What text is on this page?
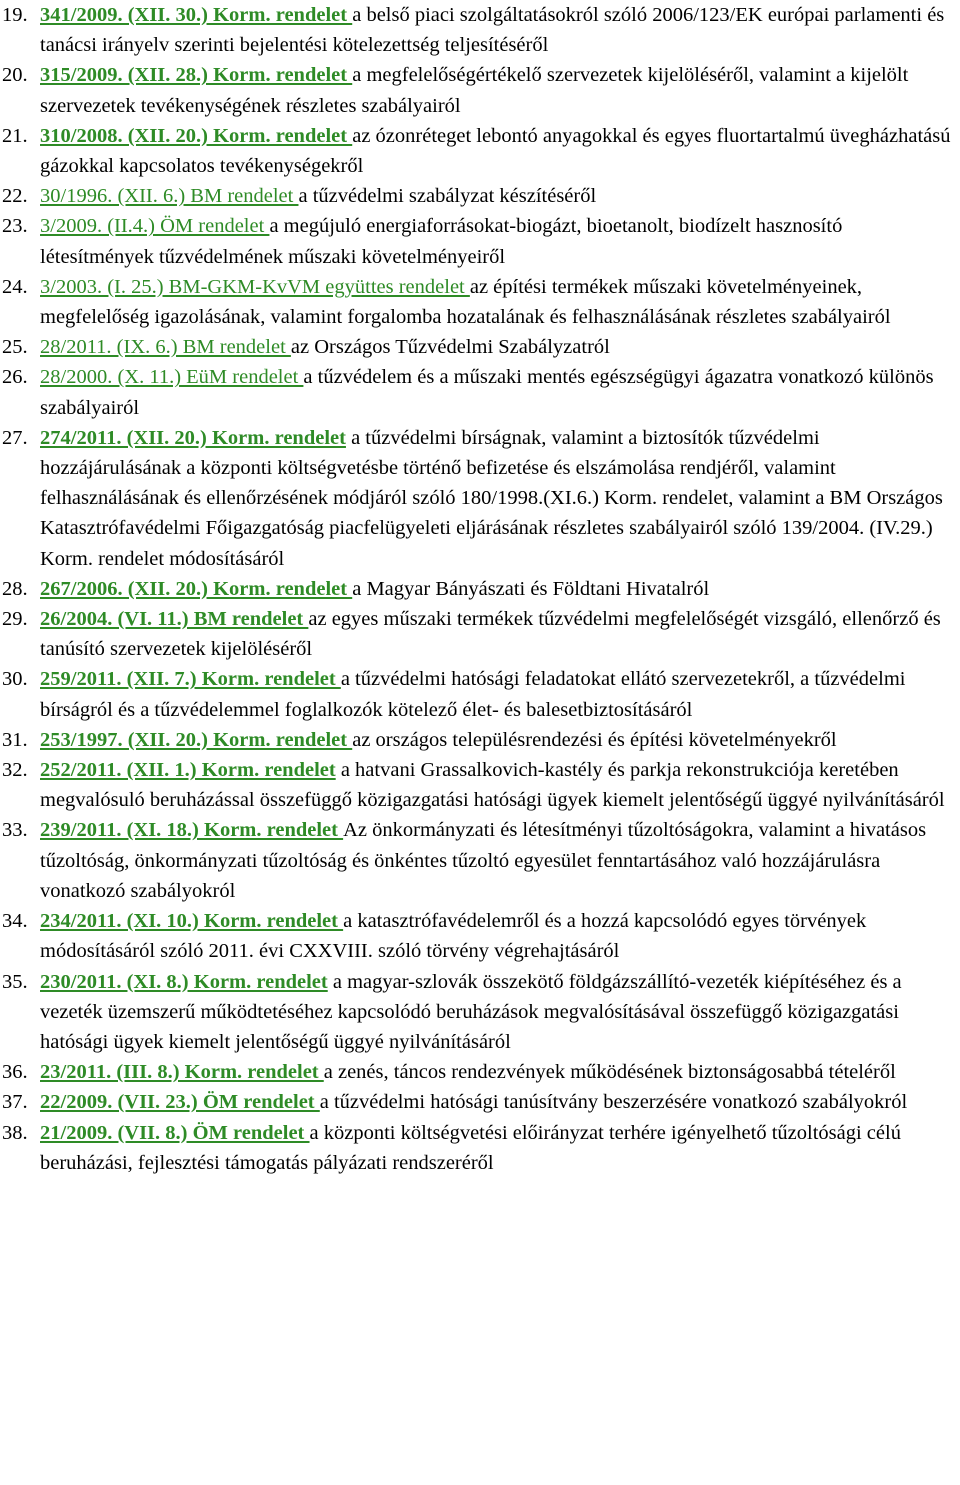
19. 341/2009. (XII. 30.) Korm. rendelet a belső piaci szolgáltatásokról szóló 2006/123/EK európai parlamenti és tanácsi irányelv szerinti bejelentési kötelezettség teljesítéséről
20. 315/2009. (XII. 28.) Korm. rendelet a megfelelőségértékelő szervezetek kijelöléséről, valamint a kijelölt szervezetek tevékenységének részletes szabályairól
21. 310/2008. (XII. 20.) Korm. rendelet az ózonréteget lebontó anyagokkal és egyes fluortartalmú üvegházhatású gázokkal kapcsolatos tevékenységekről
22. 30/1996. (XII. 6.) BM rendelet a tűzvédelmi szabályzat készítéséről
23. 3/2009. (II.4.) ÖM rendelet a megújuló energiaforrásokat-biogázt, bioetanolt, biodízelt hasznosító létesítmények tűzvédelmének műszaki követelményeiről
24. 3/2003. (I. 25.) BM-GKM-KvVM együttes rendelet az építési termékek műszaki követelményeinek, megfelelőség igazolásának, valamint forgalomba hozatalának és felhasználásának részletes szabályairól
25. 28/2011. (IX. 6.) BM rendelet az Országos Tűzvédelmi Szabályzatról
26. 28/2000. (X. 11.) EüM rendelet a tűzvédelem és a műszaki mentés egészségügyi ágazatra vonatkozó különös szabályairól
27. 274/2011. (XII. 20.) Korm. rendelet a tűzvédelmi bírságnak, valamint a biztosítók tűzvédelmi hozzájárulásának a központi költségvetésbe történő befizetése és elszámolása rendjéről, valamint felhasználásának és ellenőrzésének módjáról szóló 180/1998.(XI.6.) Korm. rendelet, valamint a BM Országos Katasztrófavédelmi Főigazgatóság piacfelügyeleti eljárásának részletes szabályairól szóló 139/2004. (IV.29.) Korm. rendelet módosításáról
28. 267/2006. (XII. 20.) Korm. rendelet a Magyar Bányászati és Földtani Hivatalról
29. 26/2004. (VI. 11.) BM rendelet az egyes műszaki termékek tűzvédelmi megfelelőségét vizsgáló, ellenőrző és tanúsító szervezetek kijelöléséről
30. 259/2011. (XII. 7.) Korm. rendelet a tűzvédelmi hatósági feladatokat ellátó szervezetekről, a tűzvédelmi bírságról és a tűzvédelemmel foglalkozók kötelező élet- és balesetbiztosításáról
31. 253/1997. (XII. 20.) Korm. rendelet az országos településrendezési és építési követelményekről
32. 252/2011. (XII. 1.) Korm. rendelet a hatvani Grassalkovich-kastély és parkja rekonstrukciója keretében megvalósuló beruházással összefüggő közigazgatási hatósági ügyek kiemelt jelentőségű üggyé nyilvánításáról
33. 239/2011. (XI. 18.) Korm. rendelet Az önkormányzati és létesítményi tűzoltóságokra, valamint a hivatásos tűzoltóság, önkormányzati tűzoltóság és önkéntes tűzoltó egyesület fenntartásához való hozzájárulásra vonatkozó szabályokról
34. 234/2011. (XI. 10.) Korm. rendelet a katasztrófavédelemről és a hozzá kapcsolódó egyes törvények módosításáról szóló 2011. évi CXXVIII. szóló törvény végrehajtásáról
35. 230/2011. (XI. 8.) Korm. rendelet a magyar-szlovák összekötő földgázszállító-vezeték kiépítéséhez és a vezeték üzemszerű működtetéséhez kapcsolódó beruházások megvalósításával összefüggő közigazgatási hatósági ügyek kiemelt jelentőségű üggyé nyilvánításáról
36. 23/2011. (III. 8.) Korm. rendelet a zenés, táncos rendezvények működésének biztonságosabbá tételéről
37. 22/2009. (VII. 23.) ÖM rendelet a tűzvédelmi hatósági tanúsítvány beszerzésére vonatkozó szabályokról
38. 21/2009. (VII. 8.) ÖM rendelet a központi költségvetési előirányzat terhére igényelhető tűzoltósági célú beruházási, fejlesztési támogatás pályázati rendszeréről
